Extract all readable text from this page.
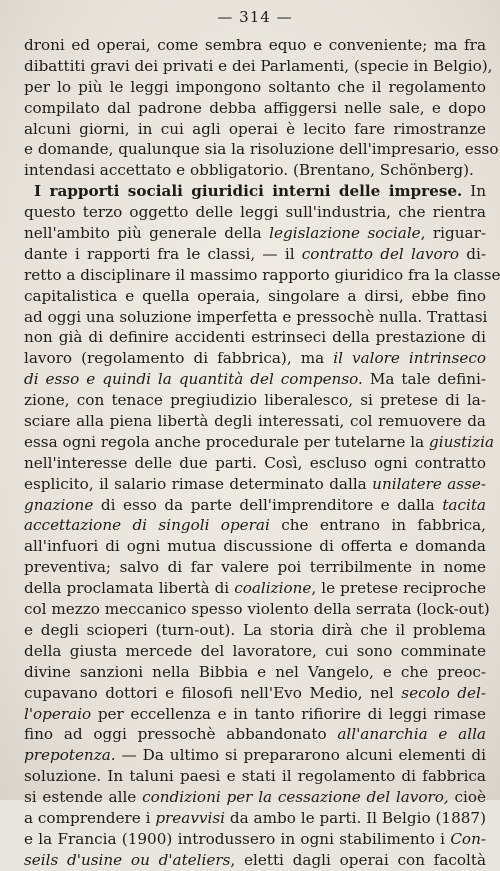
— 314 —
droni ed operai, come sembra equo e conveniente; ma fra
dibattiti gravi dei privati e dei Parlamenti, (specie in Belgio),
per lo più le leggi impongono soltanto che il regolamento
compilato dal padrone debba affiggersi nelle sale, e dopo
alcuni giorni, in cui agli operai è lecito fare rimostranze
e domande, qualunque sia la risoluzione dell'impresario, esso
intendasi accettato e obbligatorio. (Brentano, Schönberg).
I rapporti sociali giuridici interni delle imprese. In
questo terzo oggetto delle leggi sull'industria, che rientra
nell'ambito più generale della legislazione sociale, riguar-
dante i rapporti fra le classi, — il contratto del lavoro di-
retto a disciplinare il massimo rapporto giuridico fra la classe
capitalistica e quella operaia, singolare a dirsi, ebbe fino
ad oggi una soluzione imperfetta e pressochè nulla. Trattasi
non già di definire accidenti estrinseci della prestazione di
lavoro (regolamento di fabbrica), ma il valore intrinseco
di esso e quindi la quantità del compenso. Ma tale defini-
zione, con tenace pregiudizio liberalesco, si pretese di la-
sciare alla piena libertà degli interessati, col remuovere da
essa ogni regola anche procedurale per tutelarne la giustizia
nell'interesse delle due parti. Così, escluso ogni contratto
esplicito, il salario rimase determinato dalla unilatere asse-
gnazione di esso da parte dell'imprenditore e dalla tacita
accettazione di singoli operai che entrano in fabbrica,
all'infuori di ogni mutua discussione di offerta e domanda
preventiva; salvo di far valere poi terribilmente in nome
della proclamata libertà di coalizione, le pretese reciproche
col mezzo meccanico spesso violento della serrata (lock-out)
e degli scioperi (turn-out). La storia dirà che il problema
della giusta mercede del lavoratore, cui sono comminate
divine sanzioni nella Bibbia e nel Vangelo, e che preoc-
cupavano dottori e filosofi nell'Evo Medio, nel secolo del-
l'operaio per eccellenza e in tanto rifiorire di leggi rimase
fino ad oggi pressochè abbandonato all'anarchia e alla
prepotenza. — Da ultimo si prepararono alcuni elementi di
soluzione. In taluni paesi e stati il regolamento di fabbrica
si estende alle condizioni per la cessazione del lavoro, cioè
a comprendere i preavvisi da ambo le parti. Il Belgio (1887)
e la Francia (1900) introdussero in ogni stabilimento i Con-
seils d'usine ou d'ateliers, eletti dagli operai con facoltà
